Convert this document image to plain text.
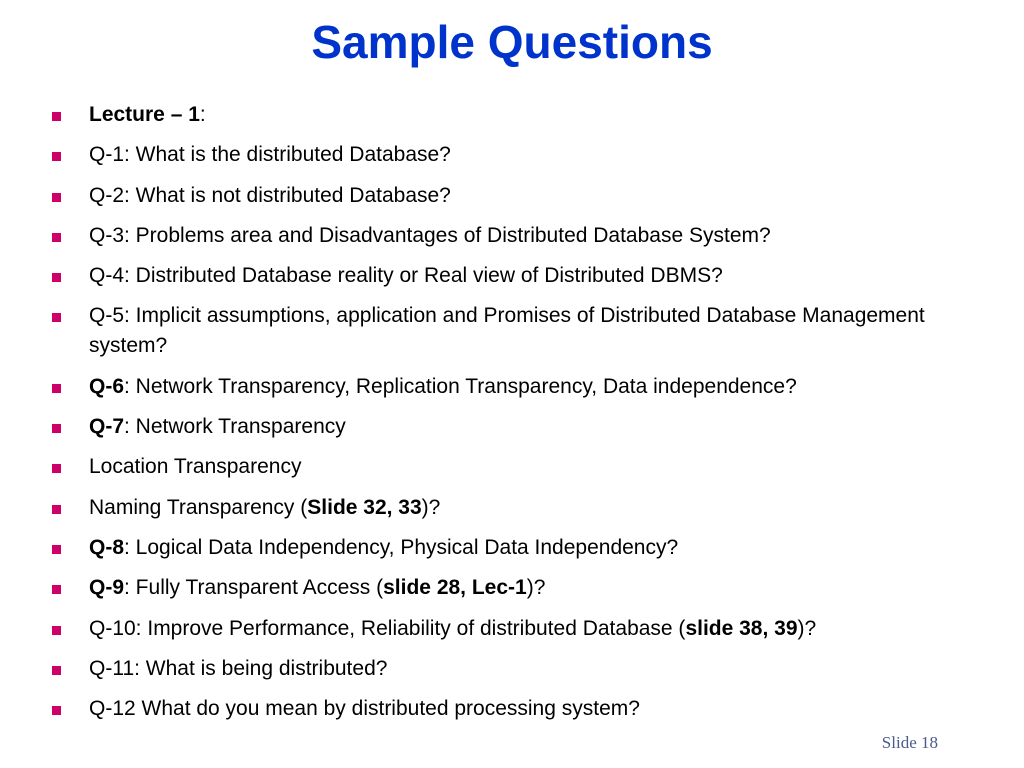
Sample Questions
Lecture – 1:
Q-1: What is the distributed Database?
Q-2: What is not distributed Database?
Q-3: Problems area and Disadvantages of Distributed Database System?
Q-4: Distributed Database reality or Real view of Distributed DBMS?
Q-5: Implicit assumptions, application and Promises of Distributed Database Management system?
Q-6: Network Transparency, Replication Transparency, Data independence?
Q-7: Network Transparency
Location Transparency
Naming Transparency (Slide 32, 33)?
Q-8: Logical Data Independency, Physical Data Independency?
Q-9: Fully Transparent Access (slide 28, Lec-1)?
Q-10: Improve Performance, Reliability of distributed Database (slide 38, 39)?
Q-11: What is being distributed?
Q-12 What do you mean by distributed processing system?
Slide 18
